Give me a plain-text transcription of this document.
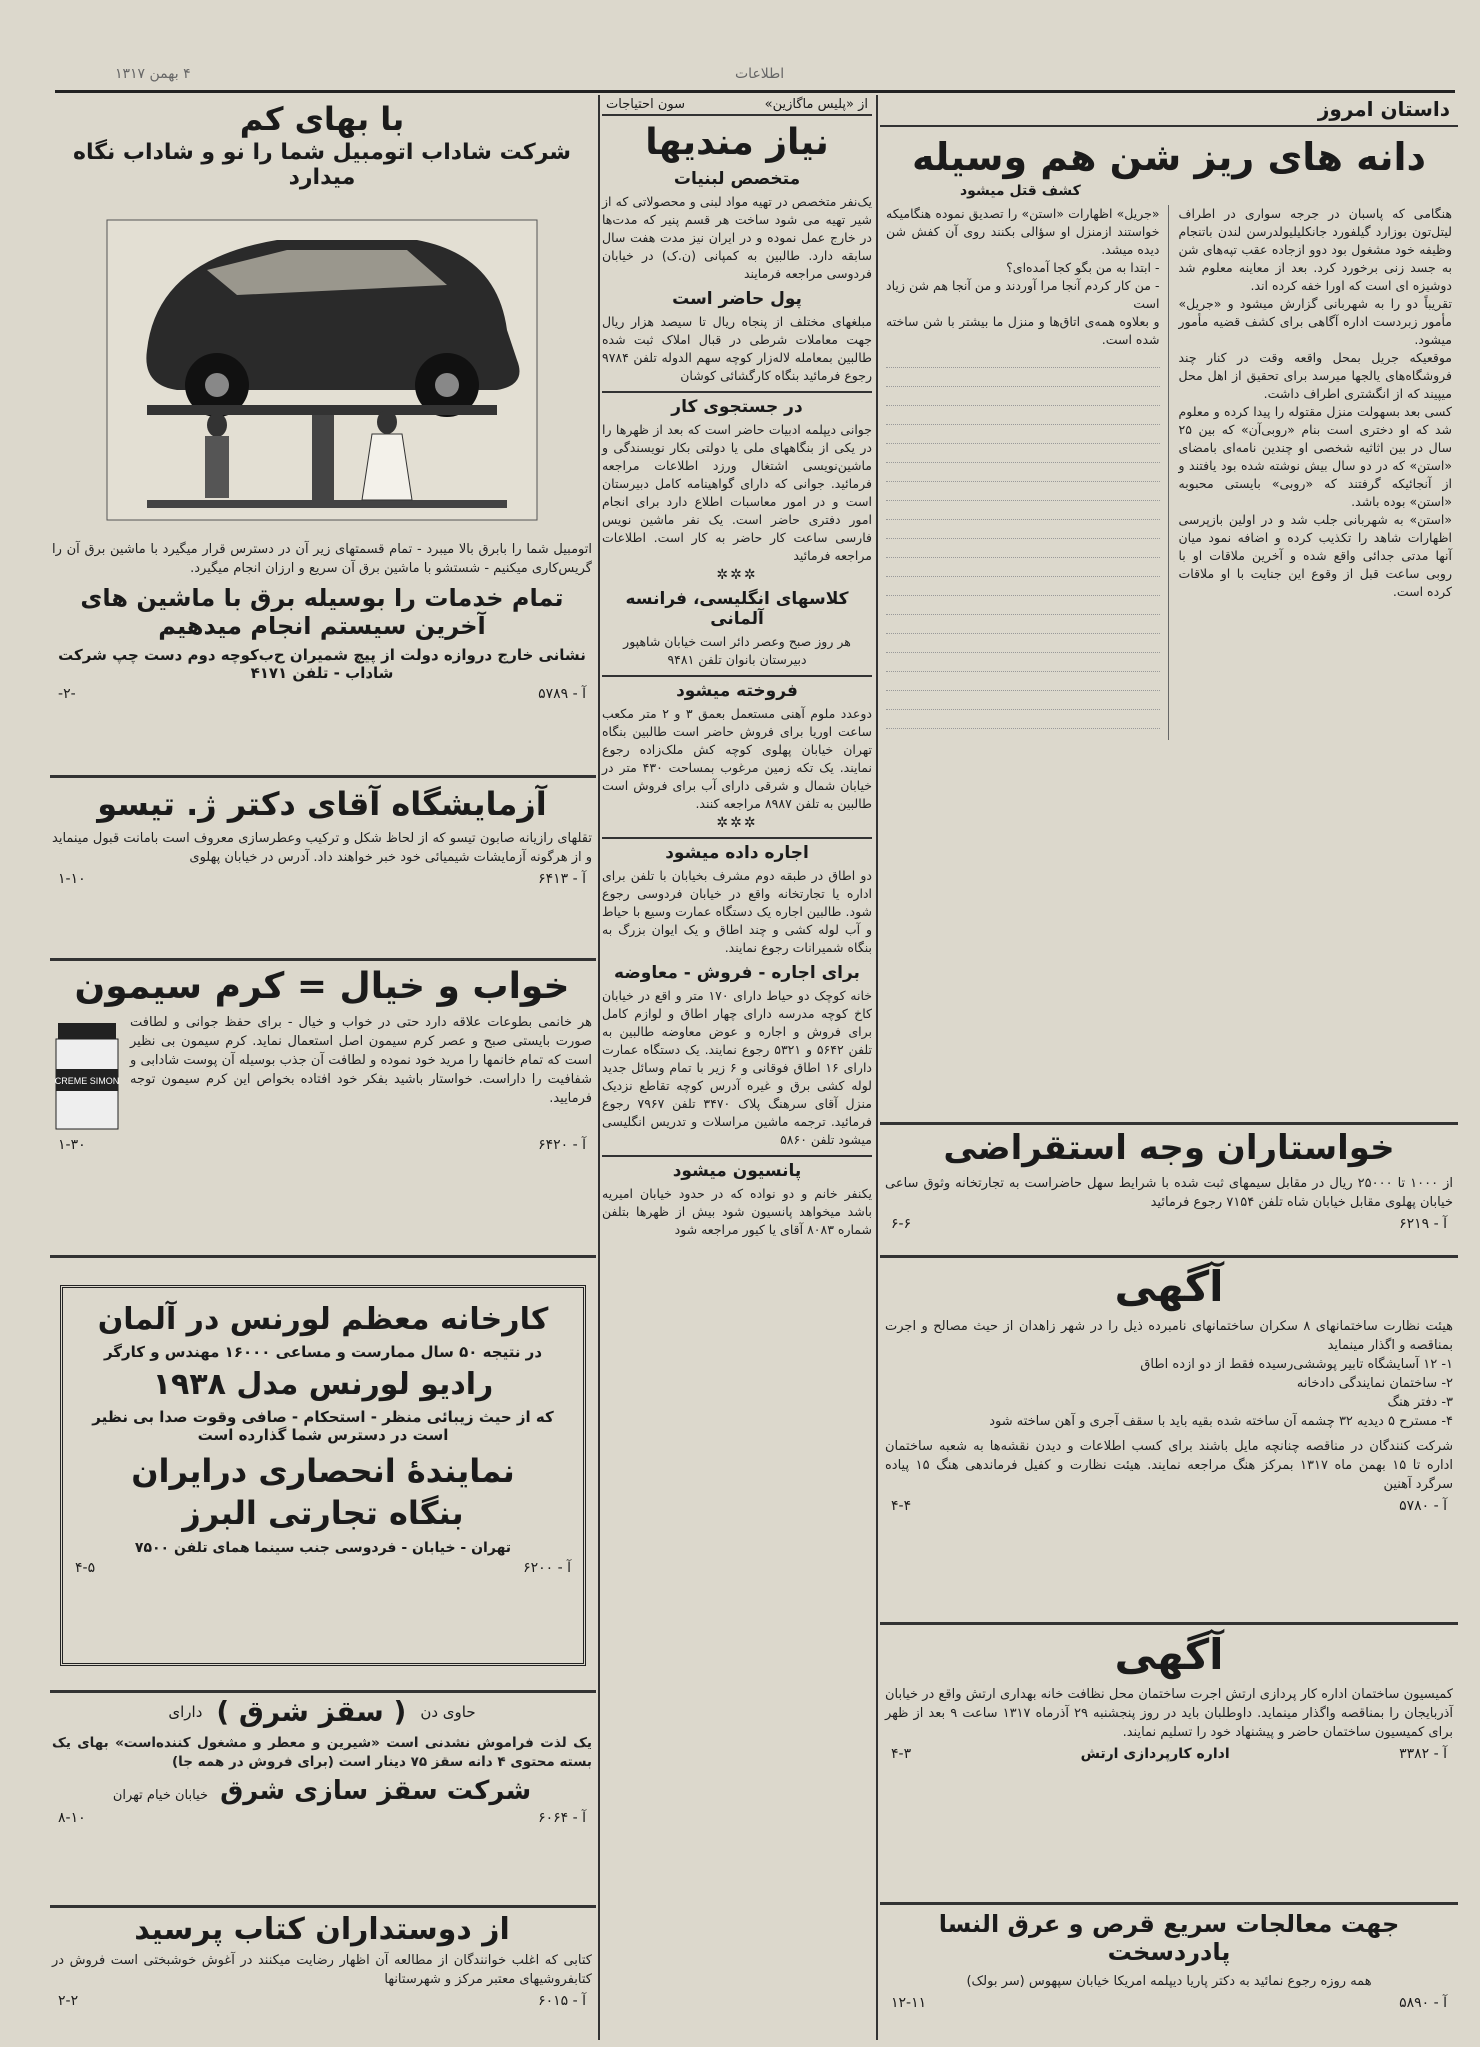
۴ بهمن ۱۳۱۷	اطلاعات
داستان امروز
دانه های ریز شن هم وسیله
کشف قتل میشود

هنگامی که پاسبان در جرجه سواری در اطراف لیتل‌تون بوزارد گیلفورد جانکلیلیولدرسن لندن باتنجام وظیفه خود مشغول بود دوو ازجاده عقب تپه‌های شن به جسد زنی برخورد کرد. بعد از معاینه معلوم شد دوشیزه ای است که اورا خفه کرده اند.

تقریباً دو را به شهربانی گزارش میشود و «جریل» مأمور زبردست اداره آگاهی برای کشف قضیه مأمور میشود.

موقعیکه جریل بمحل واقعه وقت در کنار چند فروشگاه‌های یالجها میرسد برای تحقیق از اهل محل میپیند که از انگشتری اطراف داشت.

کسی بعد بسهولت منزل مقتوله را پیدا کرده و معلوم شد که او دختری است بنام «روبی‌آن» که بین ۲۵ سال در بین اثاثیه شخصی او چندین نامه‌ای بامضای «استن» که در دو سال بیش نوشته شده بود یافتند و از آنجائیکه گرفتند که «روبی» بایستی محبوبه «استن» بوده باشد.

«استن» به شهربانی جلب شد و در اولین بازپرسی اظهارات شاهد را تکذیب کرده و اضافه نمود میان آنها مدتی جدائی واقع شده و آخرین ملاقات او با روبی ساعت قبل از وقوع این جنایت با او ملاقات کرده است.

«جریل» اظهارات «استن» را تصدیق نموده هنگامیکه خواستند ازمنزل او سؤالی بکنند روی آن کفش شن دیده میشد.

- ابتدا به من بگو کجا آمده‌ای؟

- من کار کردم آنجا مرا آوردند و من آنجا هم شن زیاد است

و بعلاوه همه‌ی اتاق‌ها و منزل ما بیشتر با شن ساخته شده است.

خواستاران وجه استقراضی

از ۱۰۰۰ تا ۲۵۰۰۰ ریال در مقابل سیمهای ثبت شده با شرایط سهل حاضراست به تجارتخانه وثوق ساعی خیابان پهلوی مقابل خیابان شاه تلفن ۷۱۵۴ رجوع فرمائید

آ - ۶۲۱۹
۶-۶
آگهی

هیئت نظارت ساختمانهای ۸ سکران ساختمانهای نامبرده ذیل را در شهر زاهدان از حیث مصالح و اجرت بمناقصه و اگذار مینماید

۱- ۱۲ آسایشگاه تابیر پوششی‌رسیده فقط از دو ازده اطاق

۲- ساختمان نمایندگی دادخانه

۳- دفتر هنگ

۴- مسترح ۵ دیدیه ۳۲ چشمه آن ساخته شده بقیه باید با سقف آجری و آهن ساخته شود

شرکت کنندگان در مناقصه چنانچه مایل باشند برای کسب اطلاعات و دیدن نقشه‌ها به شعبه ساختمان اداره تا ۱۵ بهمن ماه ۱۳۱۷ بمرکز هنگ مراجعه نمایند. هیئت نظارت و کفیل فرماندهی هنگ ۱۵ پیاده سرگرد آهنین

آ - ۵۷۸۰
۴-۴
آگهی

کمیسیون ساختمان اداره کار پردازی ارتش اجرت ساختمان محل نظافت خانه بهداری ارتش واقع در خیابان آذربایجان را بمناقصه واگذار مینماید. داوطلبان باید در روز پنجشنبه ۲۹ آذرماه ۱۳۱۷ ساعت ۹ بعد از ظهر برای کمیسیون ساختمان حاضر و پیشنهاد خود را تسلیم نمایند.

آ - ۳۳۸۲
اداره کارپردازی ارتش
۴-۳
جهت معالجات سریع قرص و عرق النسا پادردسخت

همه روزه رجوع نمائید به دکتر پاریا دیپلمه امریکا خیابان سپهوس (سر بولک)

آ - ۵۸۹۰
۱۲-۱۱
از «پلیس ماگازین»
سون احتیاجات
نیاز مندیها
متخصص لبنیات

یک‌نفر متخصص در تهیه مواد لبنی و محصولاتی که از شیر تهیه می شود ساخت هر قسم پنیر که مدت‌ها در خارج عمل نموده و در ایران نیز مدت هفت سال سابقه دارد. طالبین به کمپانی (ن.ک) در خیابان فردوسی مراجعه فرمایند

پول حاضر است

مبلغهای مختلف از پنجاه ریال تا سیصد هزار ریال جهت معاملات شرطی در قبال املاک ثبت شده طالبین بمعامله لاله‌زار کوچه سهم الدوله تلفن ۹۷۸۴ رجوع فرمائید بنگاه کارگشائی کوشان

در جستجوی کار

جوانی دیپلمه ادبیات حاضر است که بعد از ظهرها را در یکی از بنگاههای ملی یا دولتی بکار نویسندگی و ماشین‌نویسی اشتغال ورزد اطلاعات مراجعه فرمائید. جوانی که دارای گواهینامه کامل دبیرستان است و در امور معاسبات اطلاع دارد برای انجام امور دفتری حاضر است. یک نفر ماشین نویس فارسی ساعت کار حاضر به کار است. اطلاعات مراجعه فرمائید

✲✲✲
کلاسهای انگلیسی، فرانسه آلمانی

هر روز صبح وعصر دائر است خیابان شاهپور دبیرستان بانوان تلفن ۹۴۸۱

فروخته میشود

دوعدد ملوم آهنی مستعمل بعمق ۳ و ۲ متر مکعب ساعت اوریا برای فروش حاضر است طالبین بنگاه تهران خیابان پهلوی کوچه کش ملک‌زاده رجوع نمایند. یک تکه زمین مرغوب بمساحت ۴۳۰ متر در خیابان شمال و شرقی دارای آب برای فروش است طالبین به تلفن ۸۹۸۷ مراجعه کنند.

✲✲✲
اجاره داده میشود

دو اطاق در طبقه دوم مشرف بخیابان با تلفن برای اداره یا تجارتخانه واقع در خیابان فردوسی رجوع شود. طالبین اجاره یک دستگاه عمارت وسیع با حیاط و آب لوله کشی و چند اطاق و یک ایوان بزرگ به بنگاه شمیرانات رجوع نمایند.

برای اجاره - فروش - معاوضه

خانه کوچک دو حیاط دارای ۱۷۰ متر و اقع در خیابان کاخ کوچه مدرسه دارای چهار اطاق و لوازم کامل برای فروش و اجاره و عوض معاوضه طالبین به تلفن ۵۶۴۲ و ۵۳۲۱ رجوع نمایند. یک دستگاه عمارت دارای ۱۶ اطاق فوقانی و ۶ زیر با تمام وسائل جدید لوله کشی برق و غیره آدرس کوچه تقاطع نزدیک منزل آقای سرهنگ پلاک ۳۴۷۰ تلفن ۷۹۶۷ رجوع فرمائید. ترجمه ماشین مراسلات و تدریس انگلیسی میشود تلفن ۵۸۶۰

پانسیون میشود

یکنفر خانم و دو نواده که در حدود خیابان امیریه باشد میخواهد پانسیون شود بیش از ظهرها بتلفن شماره ۸۰۸۳ آقای یا کیور مراجعه شود

با بهای کم
شرکت شاداب اتومبیل شما را نو و شاداب نگاه میدارد

اتومبیل شما را بابرق بالا میبرد - تمام قسمتهای زیر آن در دسترس قرار میگیرد با ماشین برق آن را گریس‌کاری میکنیم - شستشو با ماشین برق آن سریع و ارزان انجام میگیرد.

تمام خدمات را بوسیله برق با ماشین های آخرین سیستم انجام میدهیم
نشانی خارج دروازه دولت از پیچ شمیران ح‌ب‌کوچه دوم دست چپ شرکت شاداب - تلفن ۴۱۷۱
آ - ۵۷۸۹
-۲-
آزمایشگاه آقای دکتر ژ. تیسو

تقلهای رازیانه صابون تیسو که از لحاظ شکل و ترکیب وعطرسازی معروف است بامانت قبول مینماید و از هرگونه آزمایشات شیمیائی خود خبر خواهند داد. آدرس در خیابان پهلوی

آ - ۶۴۱۳
۱-۱۰
خواب و خیال = کرم سیمون

هر خانمی بطوعات علاقه دارد حتی در خواب و خیال - برای حفظ جوانی و لطافت صورت بایستی صبح و عصر کرم سیمون اصل استعمال نماید. کرم سیمون بی نظیر است که تمام خانمها را مرید خود نموده و لطافت آن جذب بوسیله آن پوست شادابی و شفافیت را داراست. خواستار باشید بفکر خود افتاده بخواص این کرم سیمون توجه فرمایید.

CREME SIMON
آ - ۶۴۲۰
۱-۳۰
کارخانه معظم لورنس در آلمان
در نتیجه ۵۰ سال ممارست و مساعی ۱۶۰۰۰ مهندس و کارگر
رادیو لورنس مدل ۱۹۳۸
که از حیث زیبائی منظر - استحکام - صافی وقوت صدا بی نظیر است در دسترس شما گذارده است
نمایندهٔ انحصاری درایران
بنگاه تجارتی البرز
تهران - خیابان - فردوسی جنب سینما همای تلفن ۷۵۰۰
آ - ۶۲۰۰
۴-۵
حاوی دن
( سقز شرق )
دارای

یک لذت فراموش نشدنی است «شیرین و معطر و مشغول کننده‌است» بهای یک بسته محتوی ۴ دانه سقز ۷۵ دینار است (برای فروش در همه جا)

شرکت سقز سازی شرق
خیابان خیام تهران
آ - ۶۰۶۴
۸-۱۰
از دوستداران کتاب پرسید

کتابی که اغلب خوانندگان از مطالعه آن اظهار رضایت میکنند در آغوش خوشبختی است فروش در کتابفروشیهای معتبر مرکز و شهرستانها

آ - ۶۰۱۵
۲-۲
